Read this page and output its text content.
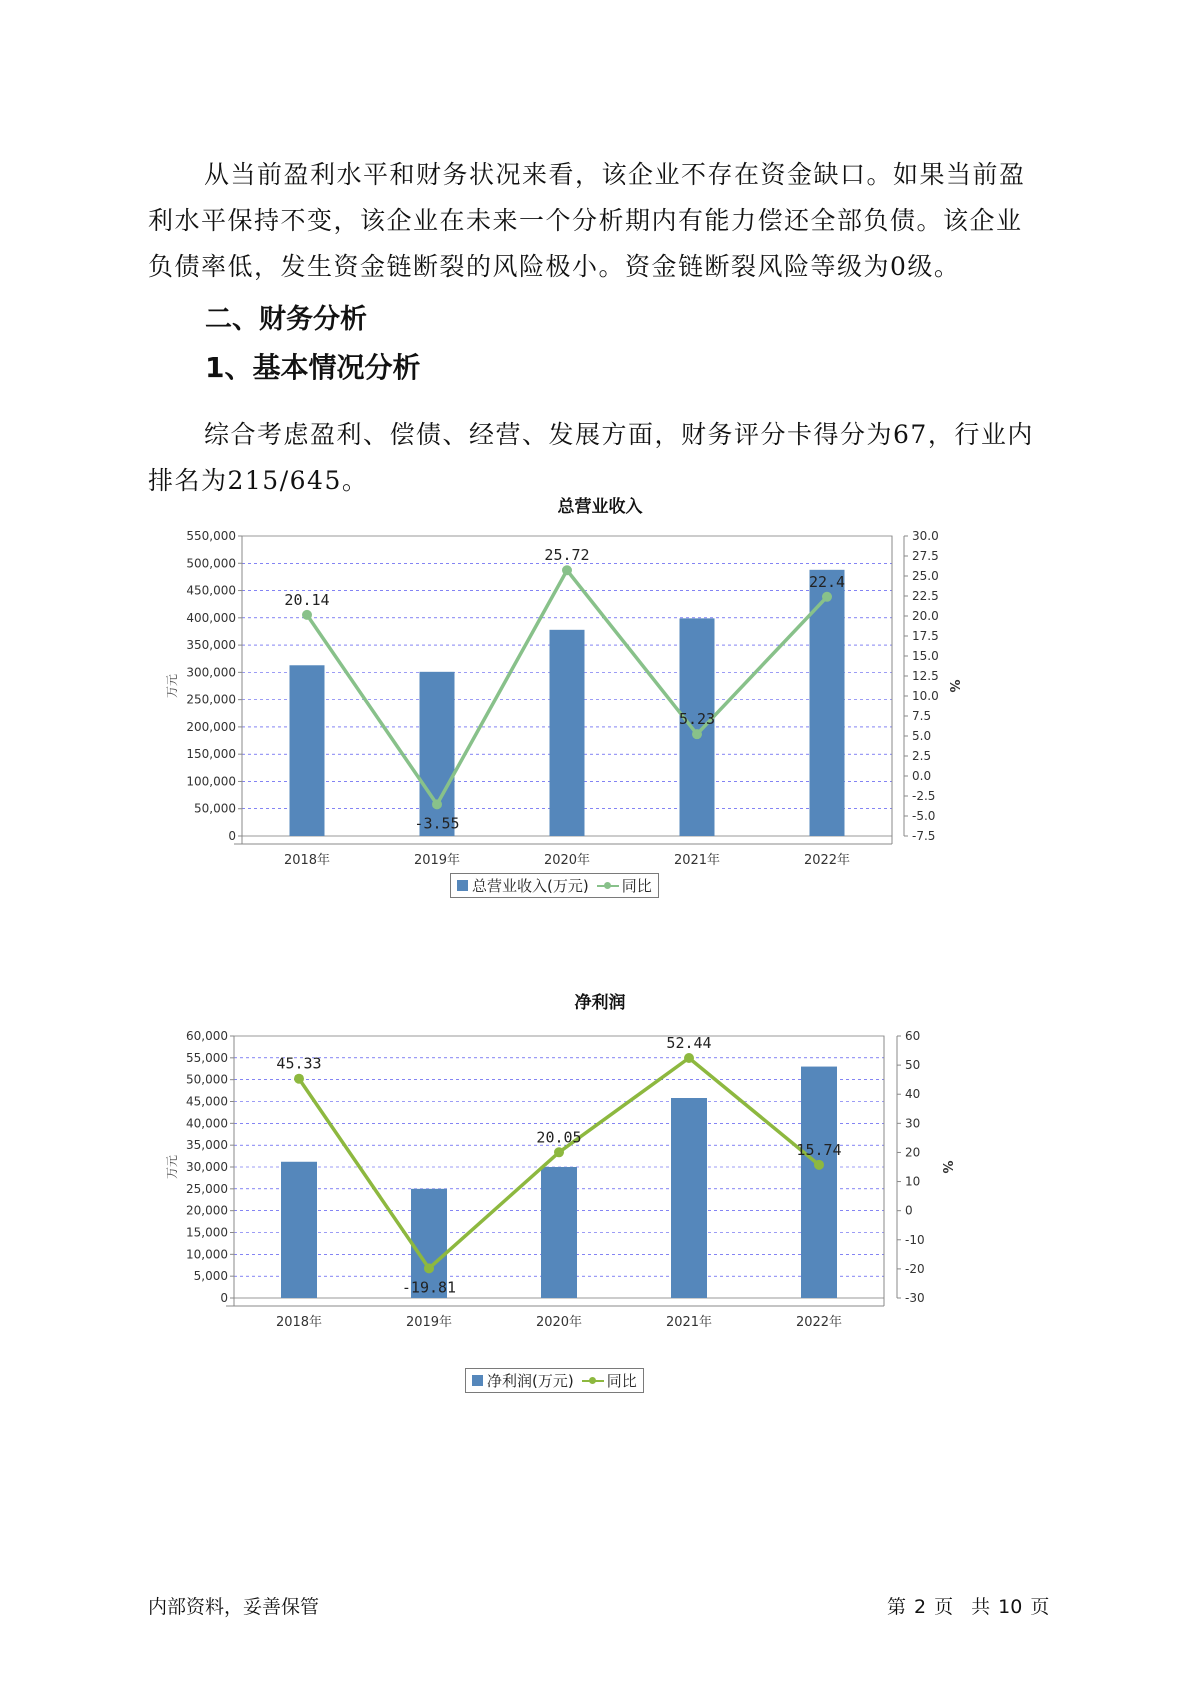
从当前盈利水平和财务状况来看，该企业不存在资金缺口。如果当前盈利水平保持不变，该企业在未来一个分析期内有能力偿还全部负债。该企业负债率低，发生资金链断裂的风险极小。资金链断裂风险等级为0级。

二、财务分析
1、基本情况分析

综合考虑盈利、偿债、经营、发展方面，财务评分卡得分为67，行业内排名为215/645。

总营业收入
0
50,000
100,000
150,000
200,000
250,000
300,000
350,000
400,000
450,000
500,000
550,000
-7.5
-5.0
-2.5
0.0
2.5
5.0
7.5
10.0
12.5
15.0
17.5
20.0
22.5
25.0
27.5
30.0
万元	%
2018年	2019年	2020年	2021年	2022年
20.14
-3.55
25.72
5.23
22.4
总营业收入(万元) 同比
净利润
0
5,000
10,000
15,000
20,000
25,000
30,000
35,000
40,000
45,000
50,000
55,000
60,000
-30
-20
-10
0
10
20
30
40
50
60
万元	%
2018年	2019年	2020年	2021年	2022年
45.33
-19.81
20.05
52.44
15.74
净利润(万元) 同比
内部资料，妥善保管	第 2 页 共 10 页
